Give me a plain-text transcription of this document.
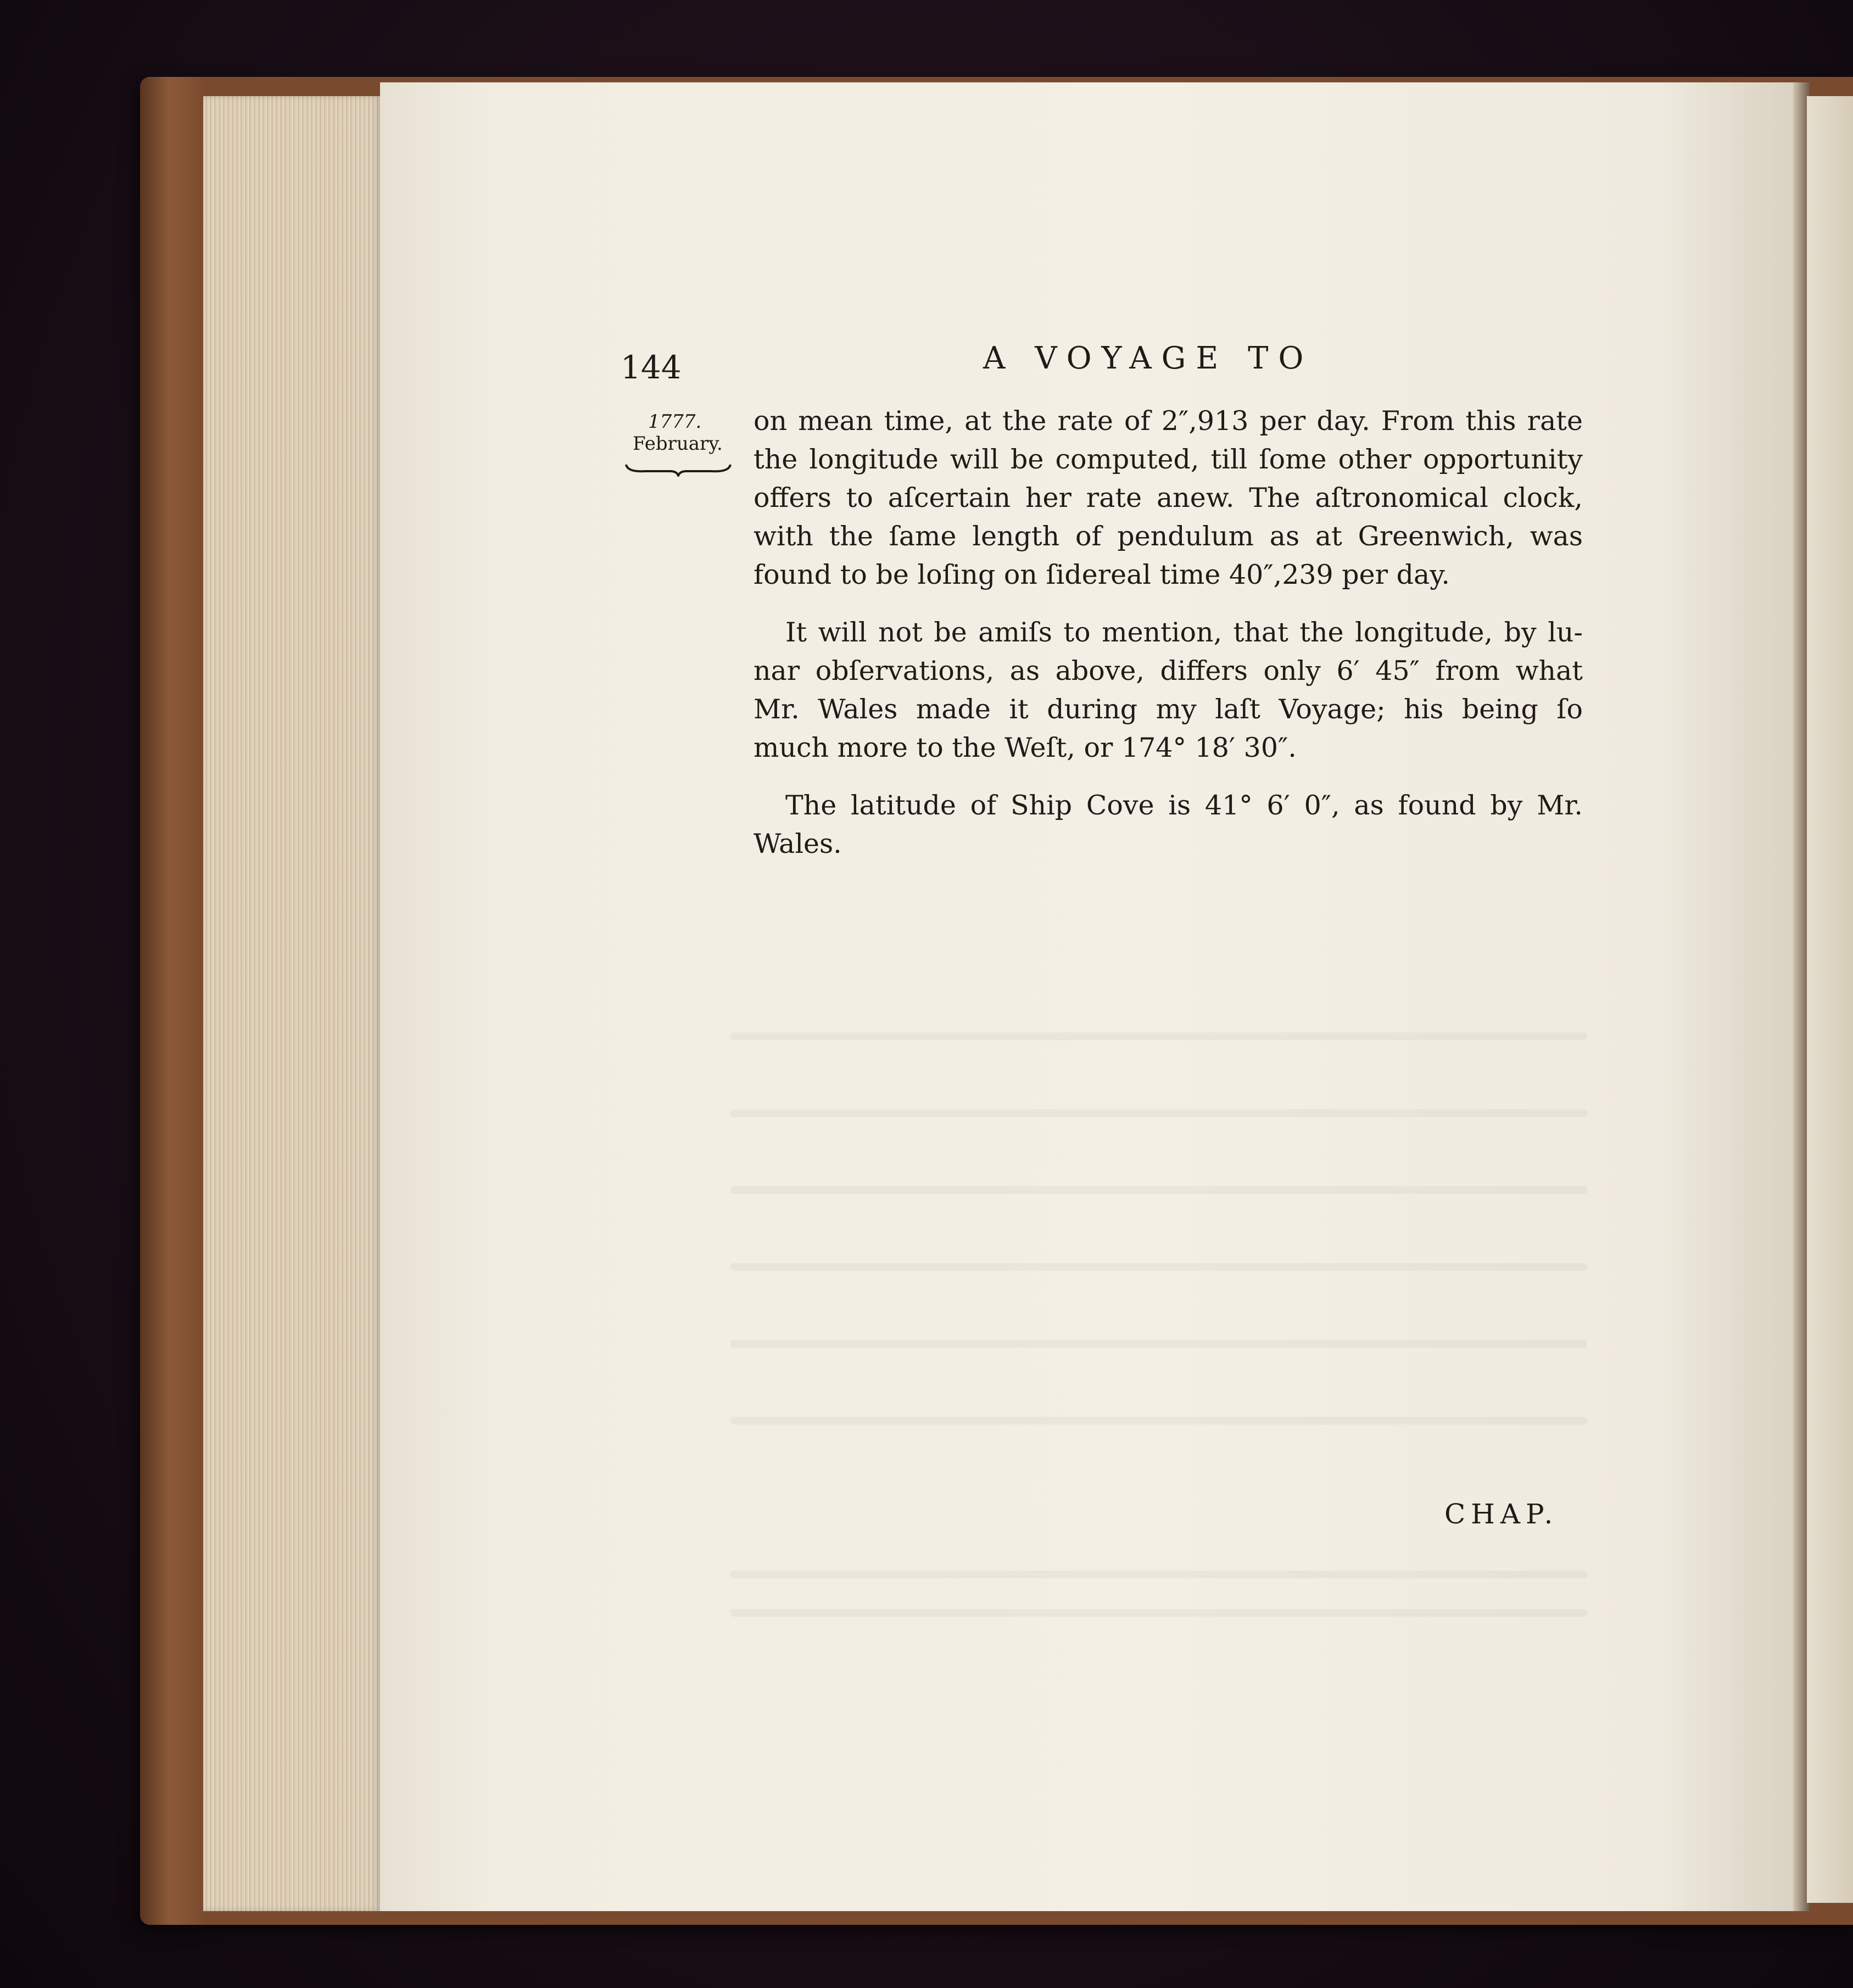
144	A VOYAGE TO
1777.
February.
on mean time, at the rate of 2″,913 per day. From this rate
the longitude will be computed, till ſome other opportunity
offers to aſcertain her rate anew. The aſtronomical clock,
with the ſame length of pendulum as at Greenwich, was
found to be loſing on ſidereal time 40″,239 per day.
It will not be amiſs to mention, that the longitude, by lu-
nar obſervations, as above, differs only 6′ 45″ from what
Mr. Wales made it during my laſt Voyage; his being ſo
much more to the Weſt, or 174° 18′ 30″.
The latitude of Ship Cove is 41° 6′ 0″, as found by Mr.
Wales.
CHAP.
